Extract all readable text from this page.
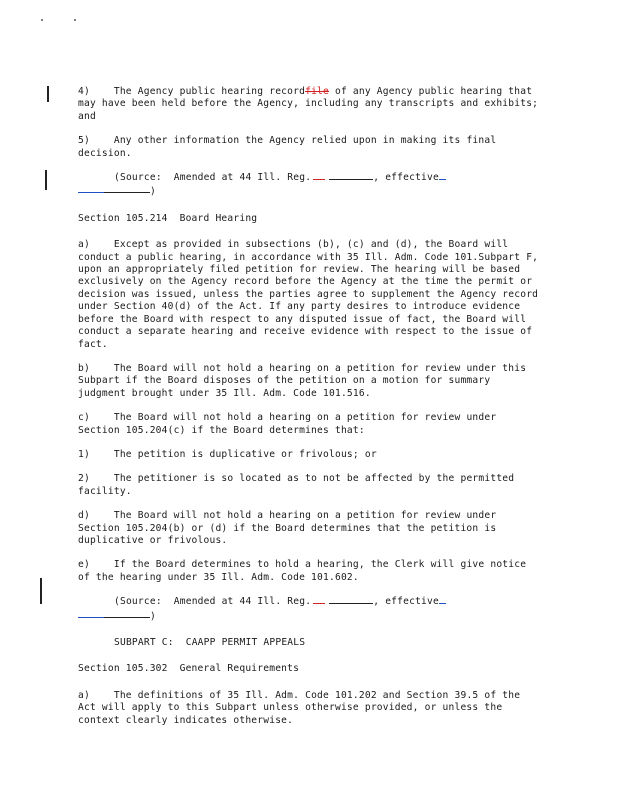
4) The Agency public hearing recordfile of any Agency public hearing that may have been held before the Agency, including any transcripts and exhibits; and

5) Any other information the Agency relied upon in making its final decision.

(Source: Amended at 44 Ill. Reg.	, effective

)

Section 105.214 Board Hearing

a) Except as provided in subsections (b), (c) and (d), the Board will conduct a public hearing, in accordance with 35 Ill. Adm. Code 101.Subpart F, upon an appropriately filed petition for review. The hearing will be based exclusively on the Agency record before the Agency at the time the permit or decision was issued, unless the parties agree to supplement the Agency record under Section 40(d) of the Act. If any party desires to introduce evidence before the Board with respect to any disputed issue of fact, the Board will conduct a separate hearing and receive evidence with respect to the issue of fact.

b) The Board will not hold a hearing on a petition for review under this Subpart if the Board disposes of the petition on a motion for summary judgment brought under 35 Ill. Adm. Code 101.516.

c) The Board will not hold a hearing on a petition for review under Section 105.204(c) if the Board determines that:

1) The petition is duplicative or frivolous; or

2) The petitioner is so located as to not be affected by the permitted facility.

d) The Board will not hold a hearing on a petition for review under Section 105.204(b) or (d) if the Board determines that the petition is duplicative or frivolous.

e) If the Board determines to hold a hearing, the Clerk will give notice of the hearing under 35 Ill. Adm. Code 101.602.

(Source: Amended at 44 Ill. Reg.	, effective

)

SUBPART C: CAAPP PERMIT APPEALS

Section 105.302 General Requirements

a) The definitions of 35 Ill. Adm. Code 101.202 and Section 39.5 of the Act will apply to this Subpart unless otherwise provided, or unless the context clearly indicates otherwise.
